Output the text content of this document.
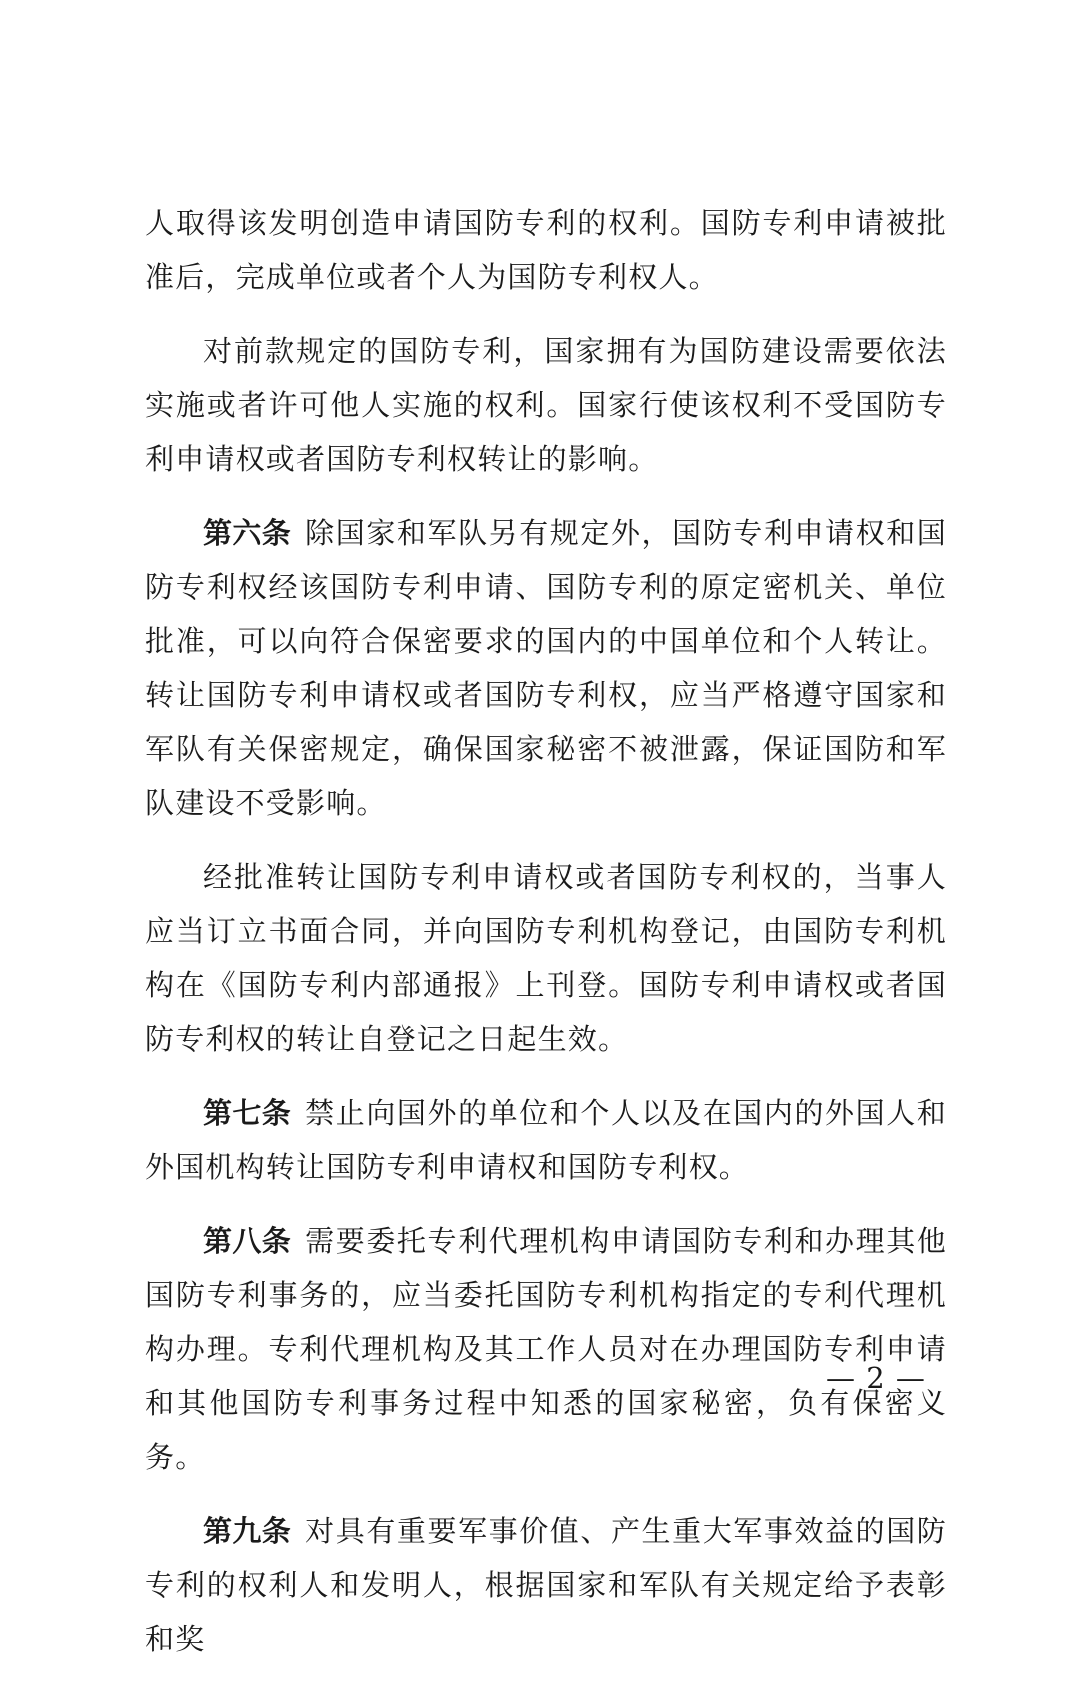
人取得该发明创造申请国防专利的权利。国防专利申请被批准后，完成单位或者个人为国防专利权人。

对前款规定的国防专利，国家拥有为国防建设需要依法实施或者许可他人实施的权利。国家行使该权利不受国防专利申请权或者国防专利权转让的影响。

第六条 除国家和军队另有规定外，国防专利申请权和国防专利权经该国防专利申请、国防专利的原定密机关、单位批准，可以向符合保密要求的国内的中国单位和个人转让。转让国防专利申请权或者国防专利权，应当严格遵守国家和军队有关保密规定，确保国家秘密不被泄露，保证国防和军队建设不受影响。

经批准转让国防专利申请权或者国防专利权的，当事人应当订立书面合同，并向国防专利机构登记，由国防专利机构在《国防专利内部通报》上刊登。国防专利申请权或者国防专利权的转让自登记之日起生效。

第七条 禁止向国外的单位和个人以及在国内的外国人和外国机构转让国防专利申请权和国防专利权。

第八条 需要委托专利代理机构申请国防专利和办理其他国防专利事务的，应当委托国防专利机构指定的专利代理机构办理。专利代理机构及其工作人员对在办理国防专利申请和其他国防专利事务过程中知悉的国家秘密，负有保密义务。

第九条 对具有重要军事价值、产生重大军事效益的国防专利的权利人和发明人，根据国家和军队有关规定给予表彰和奖

— 2 —
